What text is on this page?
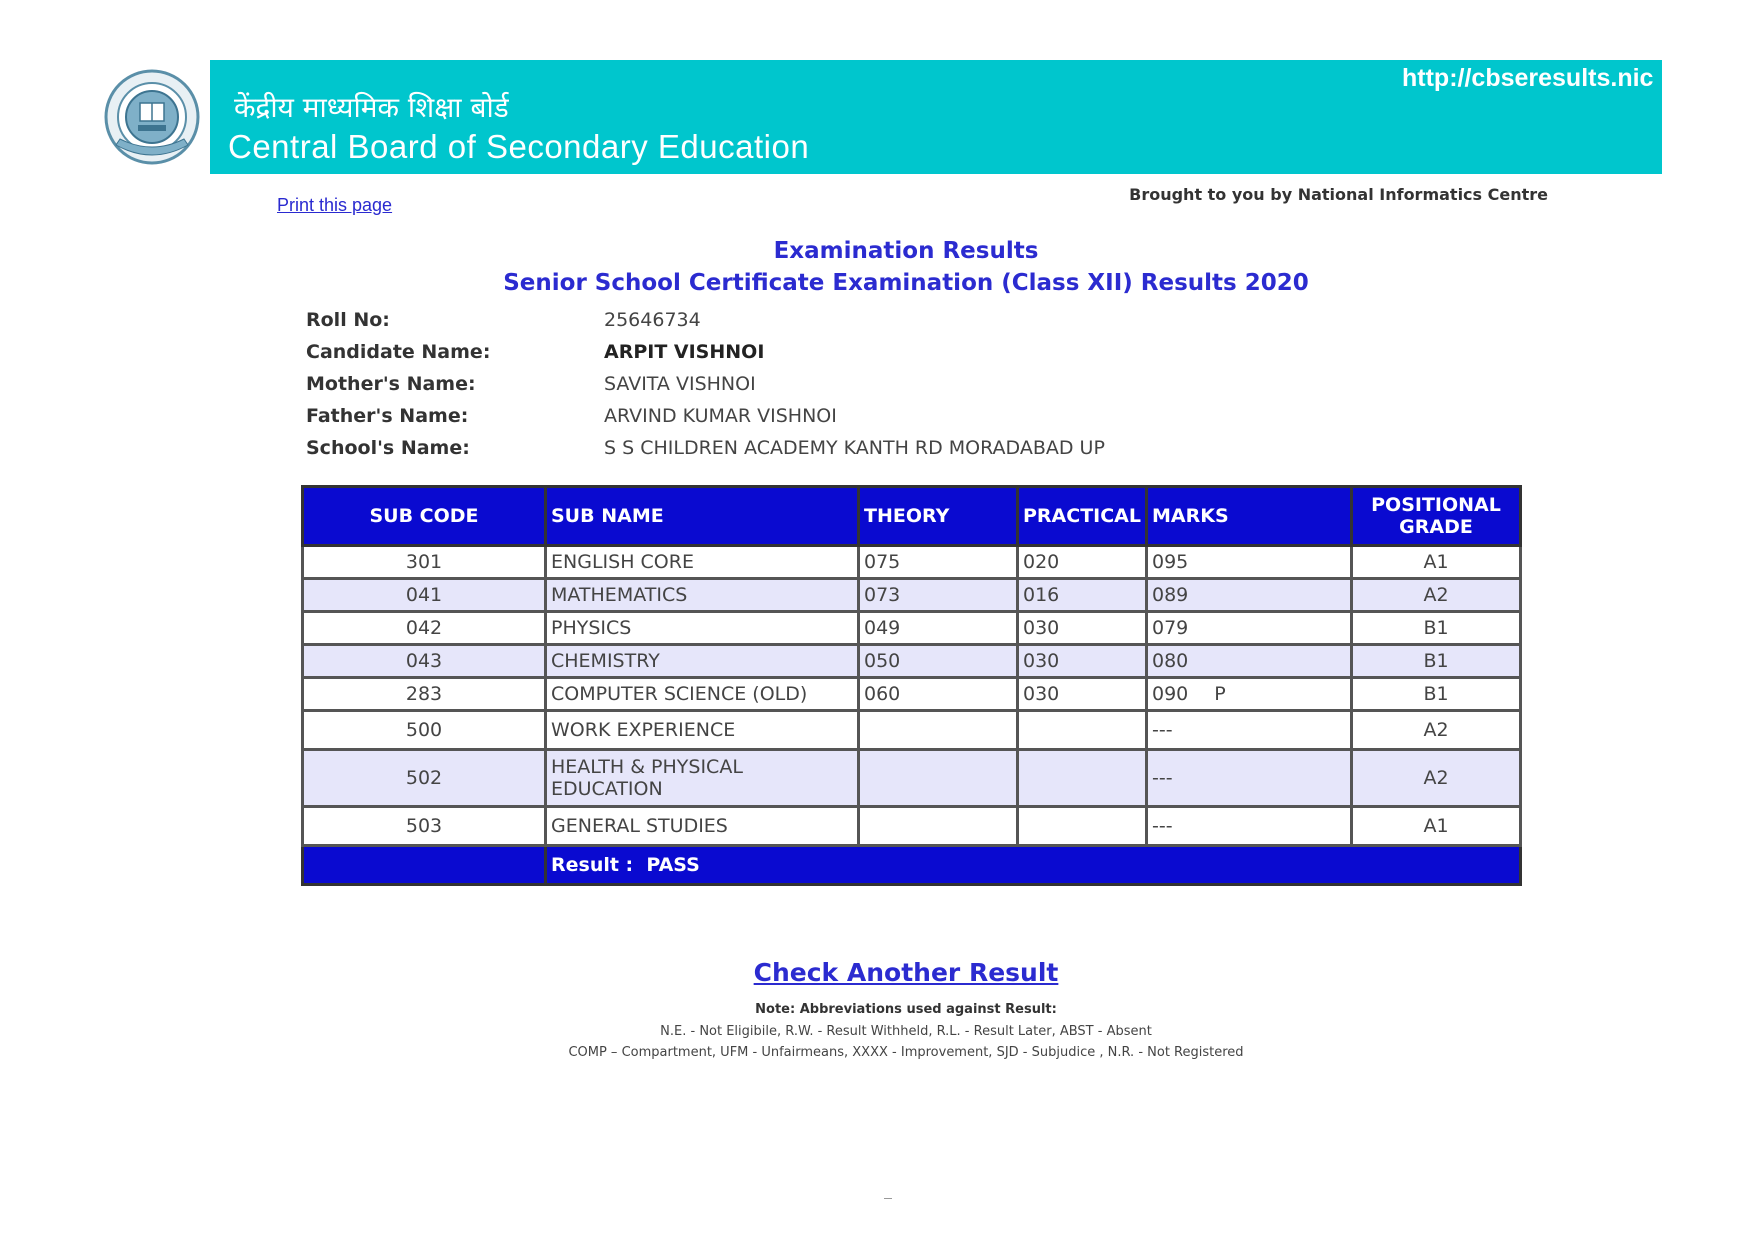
केंद्रीय माध्यमिक शिक्षा बोर्ड
Central Board of Secondary Education
http://cbseresults.nic
Print this page
Brought to you by National Informatics Centre
Examination Results
Senior School Certificate Examination (Class XII) Results 2020
Roll No:	25646734
Candidate Name:	ARPIT VISHNOI
Mother's Name:	SAVITA VISHNOI
Father's Name:	ARVIND KUMAR VISHNOI
School's Name:	S S CHILDREN ACADEMY KANTH RD MORADABAD UP
SUB CODE	SUB NAME	THEORY	PRACTICAL	MARKS	POSITIONAL GRADE
301	ENGLISH CORE	075	020	095	A1
041	MATHEMATICS	073	016	089	A2
042	PHYSICS	049	030	079	B1
043	CHEMISTRY	050	030	080	B1
283	COMPUTER SCIENCE (OLD)	060	030	090 P	B1
500	WORK EXPERIENCE			---	A2
502	HEALTH & PHYSICAL EDUCATION			---	A2
503	GENERAL STUDIES			---	A1
	Result : PASS				
Check Another Result
Note: Abbreviations used against Result:
N.E. - Not Eligibile, R.W. - Result Withheld, R.L. - Result Later, ABST - Absent
COMP – Compartment, UFM - Unfairmeans, XXXX - Improvement, SJD - Subjudice , N.R. - Not Registered
